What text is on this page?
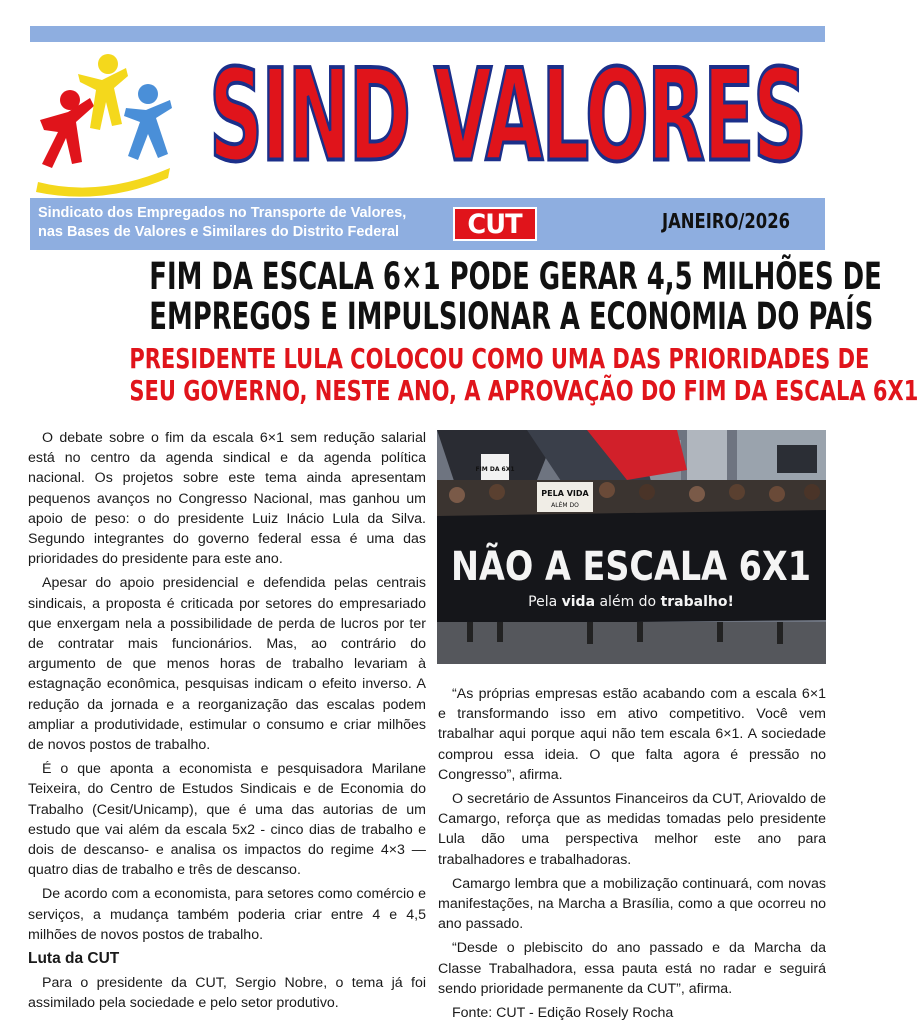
SIND VALORES
Sindicato dos Empregados no Transporte de Valores,
nas Bases de Valores e Similares do Distrito Federal	CUT	JANEIRO/2026
FIM DA ESCALA 6×1 PODE GERAR 4,5 MILHÕES DE
EMPREGOS E IMPULSIONAR A ECONOMIA DO PAÍS
PRESIDENTE LULA COLOCOU COMO UMA DAS PRIORIDADES DE
SEU GOVERNO, NESTE ANO, A APROVAÇÃO DO FIM DA ESCALA 6X1

O debate sobre o fim da escala 6×1 sem redução salarial está no centro da agenda sindical e da agenda política nacional. Os projetos sobre este tema ainda apresentam pequenos avanços no Congresso Nacional, mas ganhou um apoio de peso: o do presidente Luiz Inácio Lula da Silva. Segundo integrantes do governo federal essa é uma das prioridades do presidente para este ano.

Apesar do apoio presidencial e defendida pelas centrais sindicais, a proposta é criticada por setores do empresariado que enxergam nela a possibilidade de perda de lucros por ter de contratar mais funcionários. Mas, ao contrário do argumento de que menos horas de trabalho levariam à estagnação econômica, pesquisas indicam o efeito inverso. A redução da jornada e a reorganização das escalas podem ampliar a produtividade, estimular o consumo e criar milhões de novos postos de trabalho.

É o que aponta a economista e pesquisadora Marilane Teixeira, do Centro de Estudos Sindicais e de Economia do Trabalho (Cesit/Unicamp), que é uma das autorias de um estudo que vai além da escala 5x2 - cinco dias de trabalho e dois de descanso- e analisa os impactos do regime 4×3 — quatro dias de trabalho e três de descanso.

De acordo com a economista, para setores como comércio e serviços, a mudança também poderia criar entre 4 e 4,5 milhões de novos postos de trabalho.

Luta da CUT

Para o presidente da CUT, Sergio Nobre, o tema já foi assimilado pela sociedade e pelo setor produtivo.

FIM DA 6X1
PELA VIDA
ALÉM DO
NÃO A ESCALA 6X1
Pela vida além do trabalho!

“As próprias empresas estão acabando com a escala 6×1 e transformando isso em ativo competitivo. Você vem trabalhar aqui porque aqui não tem escala 6×1. A sociedade comprou essa ideia. O que falta agora é pressão no Congresso”, afirma.

O secretário de Assuntos Financeiros da CUT, Ariovaldo de Camargo, reforça que as medidas tomadas pelo presidente Lula dão uma perspectiva melhor este ano para trabalhadores e trabalhadoras.

Camargo lembra que a mobilização continuará, com novas manifestações, na Marcha a Brasília, como a que ocorreu no ano passado.

“Desde o plebiscito do ano passado e da Marcha da Classe Trabalhadora, essa pauta está no radar e seguirá sendo prioridade permanente da CUT”, afirma.

Fonte: CUT - Edição Rosely Rocha
